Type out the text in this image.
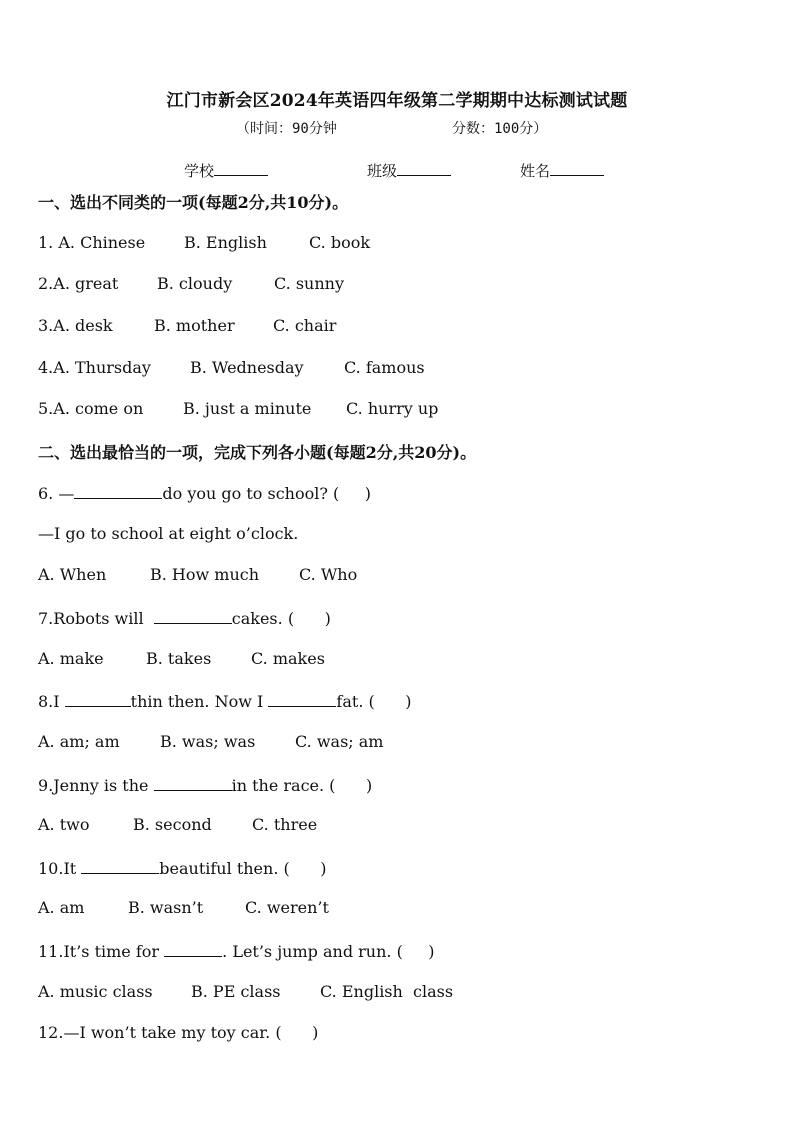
江门市新会区2024年英语四年级第二学期期中达标测试试题
（时间：90分钟	分数：100分）
学校	班级	姓名
一、选出不同类的一项(每题2分,共10分)。
1. A. Chinese B. English	C. book
2.A. great B. cloudy	C. sunny
3.A. desk	B. mother C. chair
4.A. Thursday B. Wednesday	C. famous
5.A. come on B. just a minute C. hurry up
二、选出最恰当的一项，完成下列各小题(每题2分,共20分)。
6. —	do you go to school? (     )
—I go to school at eight o’clock.
A. When	B. How much C. Who
7.Robots will	cakes. (      )
A. make	B. takes C. makes
8.I	thin then. Now I	fat. (      )
A. am; am	B. was; was C. was; am
9.Jenny is the	in the race. (      )
A. two	B. second	C. three
10.It	beautiful then. (      )
A. am	B. wasn’t	C. weren’t
11.It’s time for	. Let’s jump and run. (     )
A. music class B. PE class C. English  class
12.—I won’t take my toy car. (      )
